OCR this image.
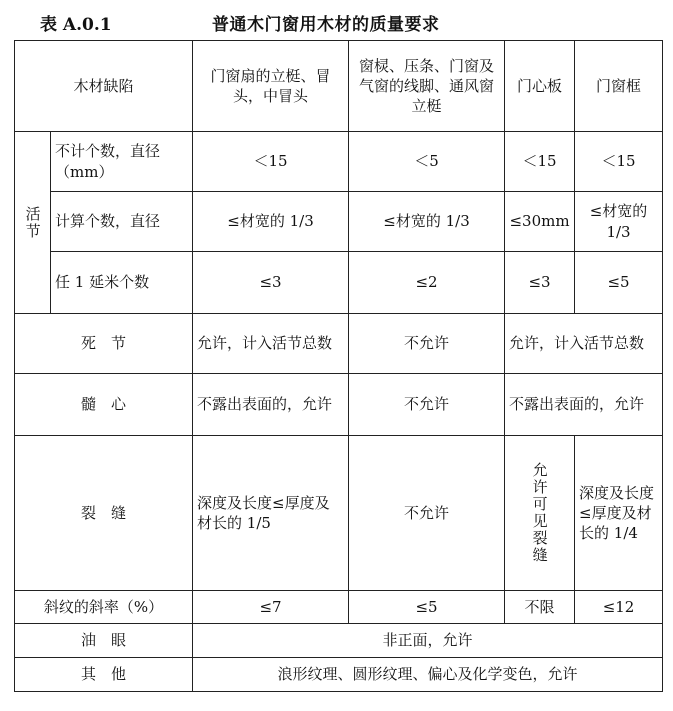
表 A.0.1	普通木门窗用木材的质量要求
木材缺陷		门窗扇的立梃、冒头，中冒头	窗棂、压条、门窗及气窗的线脚、通风窗立梃	门心板	门窗框

活节	不计个数，直径（mm）	＜15	＜5	＜15	＜15
	计算个数，直径	≤材宽的 1/3	≤材宽的 1/3	≤30mm	≤材宽的 1/3
	任 1 延米个数	≤3	≤2	≤3	≤5
死　节		允许，计入活节总数	不允许	允许，计入活节总数	
髓　心		不露出表面的，允许	不允许	不露出表面的，允许	
裂　缝		深度及长度≤厚度及材长的 1/5	不允许	允许可见裂缝	深度及长度≤厚度及材长的 1/4
斜纹的斜率（%）		≤7	≤5	不限	≤12
油　眼		非正面，允许			
其　他		浪形纹理、圆形纹理、偏心及化学变色，允许			
